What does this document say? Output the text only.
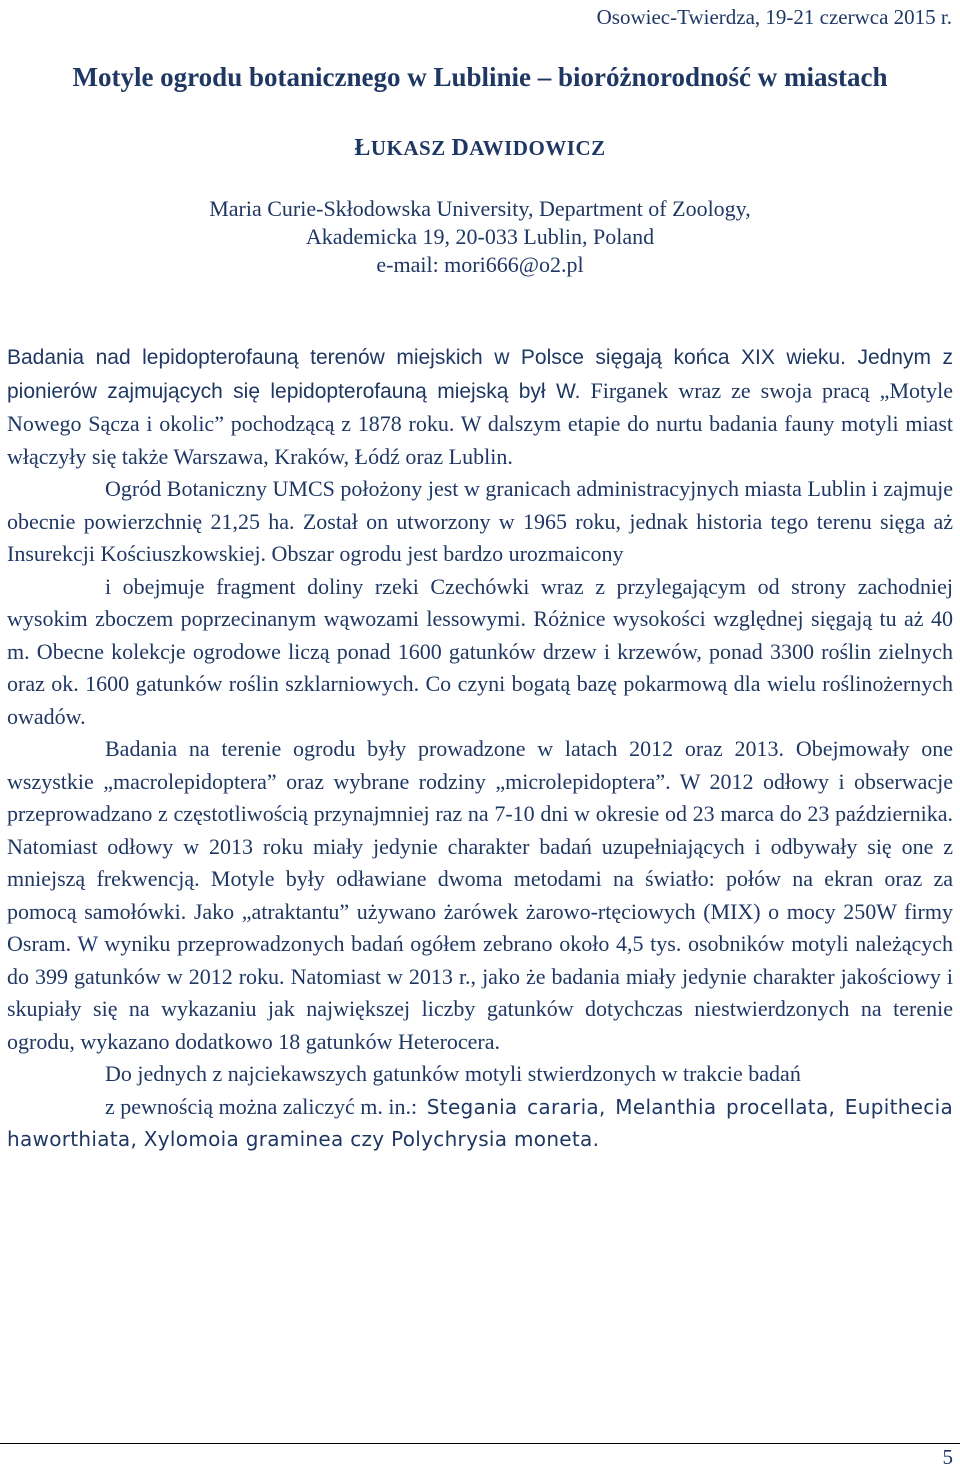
Osowiec-Twierdza, 19-21 czerwca 2015 r.
Motyle ogrodu botanicznego w Lublinie – bioróżnorodność w miastach
ŁUKASZ DAWIDOWICZ
Maria Curie-Skłodowska University, Department of Zoology,
Akademicka 19, 20-033 Lublin, Poland
e-mail: mori666@o2.pl

Badania nad lepidopterofauną terenów miejskich w Polsce sięgają końca XIX wieku. Jednym z pionierów zajmujących się lepidopterofauną miejską był W. Firganek wraz ze swoja pracą „Motyle Nowego Sącza i okolic” pochodzącą z 1878 roku. W dalszym etapie do nurtu badania fauny motyli miast włączyły się także Warszawa, Kraków, Łódź oraz Lublin.

Ogród Botaniczny UMCS położony jest w granicach administracyjnych miasta Lublin i zajmuje obecnie powierzchnię 21,25 ha. Został on utworzony w 1965 roku, jednak historia tego terenu sięga aż Insurekcji Kościuszkowskiej. Obszar ogrodu jest bardzo urozmaicony

i obejmuje fragment doliny rzeki Czechówki wraz z przylegającym od strony zachodniej wysokim zboczem poprzecinanym wąwozami lessowymi. Różnice wysokości względnej sięgają tu aż 40 m. Obecne kolekcje ogrodowe liczą ponad 1600 gatunków drzew i krzewów, ponad 3300 roślin zielnych oraz ok. 1600 gatunków roślin szklarniowych. Co czyni bogatą bazę pokarmową dla wielu roślinożernych owadów.

Badania na terenie ogrodu były prowadzone w latach 2012 oraz 2013. Obejmowały one wszystkie „macrolepidoptera” oraz wybrane rodziny „microlepidoptera”. W 2012 odłowy i obserwacje przeprowadzano z częstotliwością przynajmniej raz na 7-10 dni w okresie od 23 marca do 23 października. Natomiast odłowy w 2013 roku miały jedynie charakter badań uzupełniających i odbywały się one z mniejszą frekwencją. Motyle były odławiane dwoma metodami na światło: połów na ekran oraz za pomocą samołówki. Jako „atraktantu” używano żarówek żarowo-rtęciowych (MIX) o mocy 250W firmy Osram. W wyniku przeprowadzonych badań ogółem zebrano około 4,5 tys. osobników motyli należących do 399 gatunków w 2012 roku. Natomiast w 2013 r., jako że badania miały jedynie charakter jakościowy i skupiały się na wykazaniu jak największej liczby gatunków dotychczas niestwierdzonych na terenie ogrodu, wykazano dodatkowo 18 gatunków Heterocera.

Do jednych z najciekawszych gatunków motyli stwierdzonych w trakcie badań

z pewnością można zaliczyć m. in.: Stegania cararia, Melanthia procellata, Eupithecia haworthiata, Xylomoia graminea czy Polychrysia moneta.

5
